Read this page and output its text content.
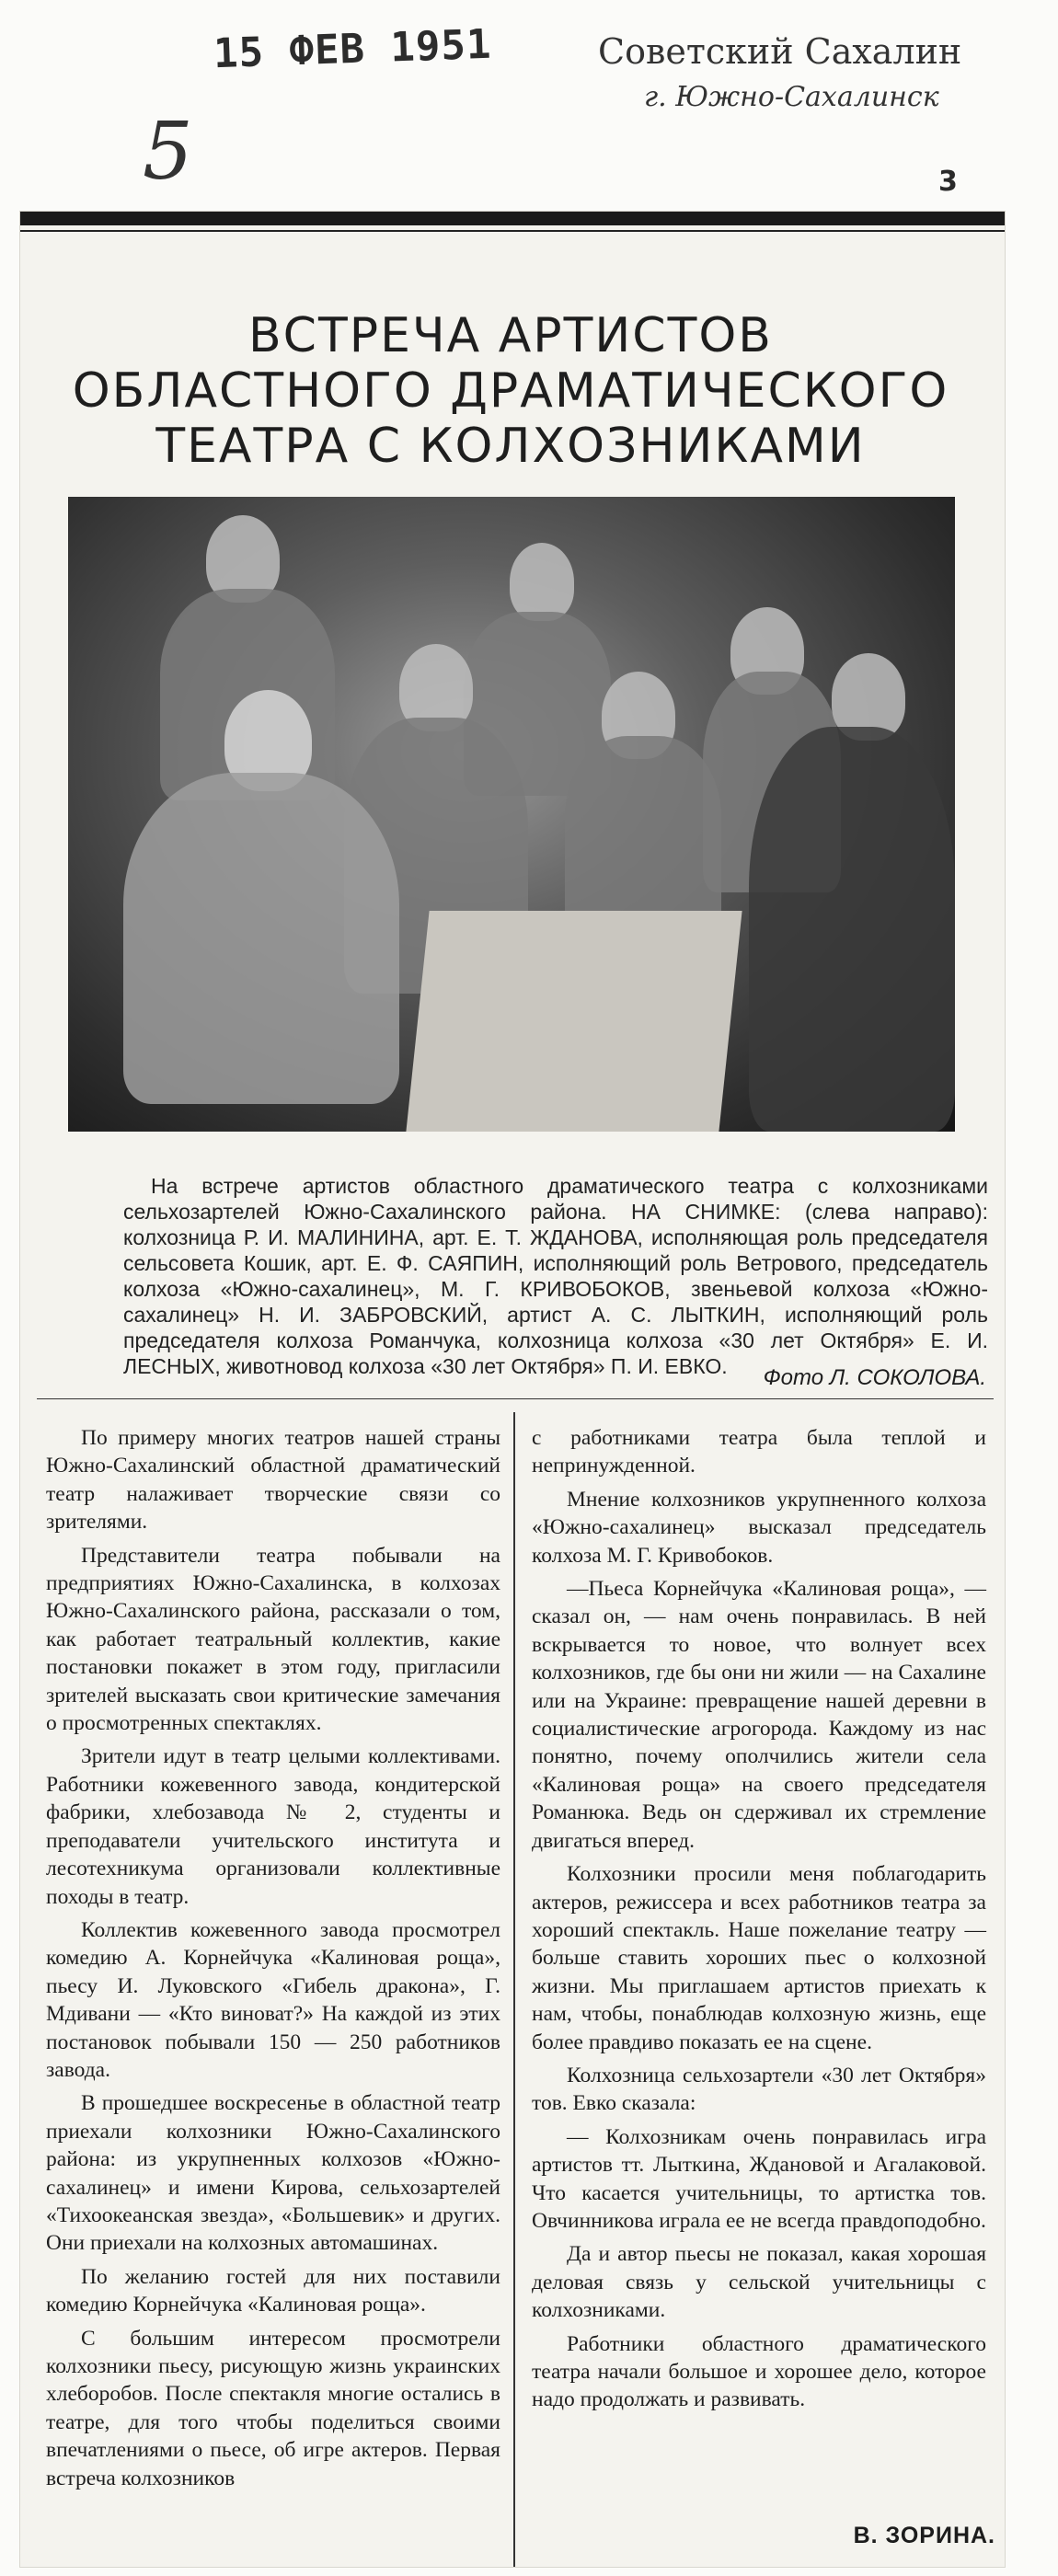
15 ФЕВ 1951	Советский Сахалин
г. Южно-Сахалинск
5	3
ВСТРЕЧА АРТИСТОВ
ОБЛАСТНОГО ДРАМАТИЧЕСКОГО
ТЕАТРА С КОЛХОЗНИКАМИ

На встрече артистов областного драматического театра с колхозниками сельхозартелей Южно-Сахалинского района. НА СНИМКЕ: (слева направо): колхозница Р. И. МАЛИНИНА, арт. Е. Т. ЖДАНОВА, исполняющая роль председателя сельсовета Кошик, арт. Е. Ф. САЯПИН, исполняющий роль Ветрового, председатель колхоза «Южно-сахалинец», М. Г. КРИВОБОКОВ, звеньевой колхоза «Южно-сахалинец» Н. И. ЗАБРОВСКИЙ, артист А. С. ЛЫТКИН, исполняющий роль председателя колхоза Романчука, колхозница колхоза «30 лет Октября» Е. И. ЛЕСНЫХ, животновод колхоза «30 лет Октября» П. И. ЕВКО.	Фото Л. СОКОЛОВА.

По примеру многих театров нашей страны Южно-Сахалинский областной драматический театр налаживает творческие связи со зрителями.

Представители театра побывали на предприятиях Южно-Сахалинска, в колхозах Южно-Сахалинского района, рассказали о том, как работает театральный коллектив, какие постановки покажет в этом году, пригласили зрителей высказать свои критические замечания о просмотренных спектаклях.

Зрители идут в театр целыми коллективами. Работники кожевенного завода, кондитерской фабрики, хлебозавода № 2, студенты и преподаватели учительского института и лесотехникума организовали коллективные походы в театр.

Коллектив кожевенного завода просмотрел комедию А. Корнейчука «Калиновая роща», пьесу И. Луковского «Гибель дракона», Г. Мдивани — «Кто виноват?» На каждой из этих постановок побывали 150 — 250 работников завода.

В прошедшее воскресенье в областной театр приехали колхозники Южно-Сахалинского района: из укрупненных колхозов «Южно-сахалинец» и имени Кирова, сельхозартелей «Тихоокеанская звезда», «Большевик» и других. Они приехали на колхозных автомашинах.

По желанию гостей для них поставили комедию Корнейчука «Калиновая роща».

С большим интересом просмотрели колхозники пьесу, рисующую жизнь украинских хлеборобов. После спектакля многие остались в театре, для того чтобы поделиться своими впечатлениями о пьесе, об игре актеров. Первая встреча колхозников

с работниками театра была теплой и непринужденной.

Мнение колхозников укрупненного колхоза «Южно-сахалинец» высказал председатель колхоза М. Г. Кривобоков.

—Пьеса Корнейчука «Калиновая роща», —сказал он, — нам очень понравилась. В ней вскрывается то новое, что волнует всех колхозников, где бы они ни жили — на Сахалине или на Украине: превращение нашей деревни в социалистические агрогорода. Каждому из нас понятно, почему ополчились жители села «Калиновая роща» на своего председателя Романюка. Ведь он сдерживал их стремление двигаться вперед.

Колхозники просили меня поблагодарить актеров, режиссера и всех работников театра за хороший спектакль. Наше пожелание театру — больше ставить хороших пьес о колхозной жизни. Мы приглашаем артистов приехать к нам, чтобы, понаблюдав колхозную жизнь, еще более правдиво показать ее на сцене.

Колхозница сельхозартели «30 лет Октября» тов. Евко сказала:

— Колхозникам очень понравилась игра артистов тт. Лыткина, Ждановой и Агалаковой. Что касается учительницы, то артистка тов. Овчинникова играла ее не всегда правдоподобно.

Да и автор пьесы не показал, какая хорошая деловая связь у сельской учительницы с колхозниками.

Работники областного драматического театра начали большое и хорошее дело, которое надо продолжать и развивать.

В. ЗОРИНА.
